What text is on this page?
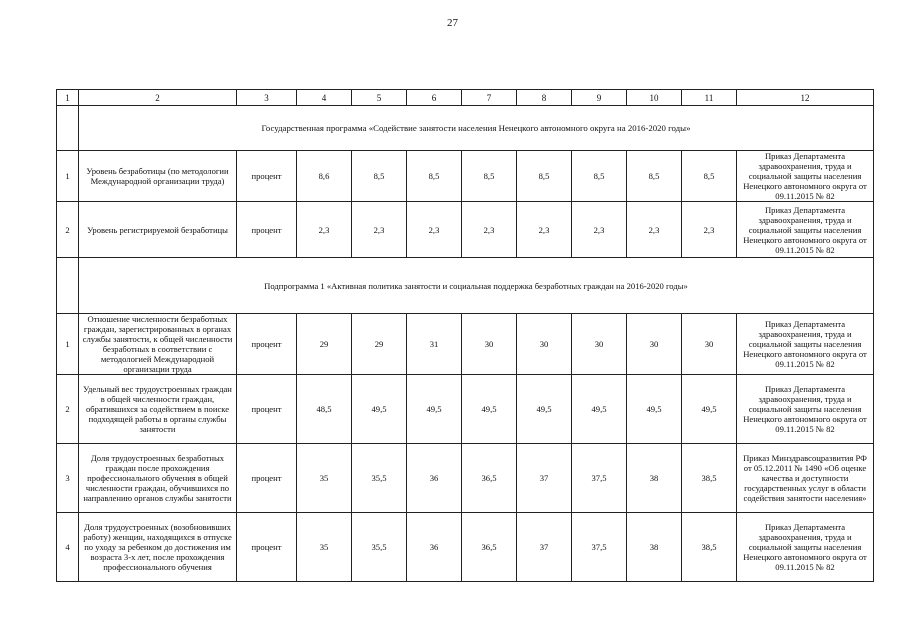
27
1	2	3	4	5	6	7	8	9	10	11	12
	Государственная программа «Содействие занятости населения Ненецкого автономного округа на 2016-2020 годы»										
1	Уровень безработицы (по методологии Международной организации труда)	процент	8,6	8,5	8,5	8,5	8,5	8,5	8,5	8,5	Приказ Департамента здравоохранения, труда и социальной защиты населения Ненецкого автономного округа от 09.11.2015 № 82
2	Уровень регистрируемой безработицы	процент	2,3	2,3	2,3	2,3	2,3	2,3	2,3	2,3	Приказ Департамента здравоохранения, труда и социальной защиты населения Ненецкого автономного округа от 09.11.2015 № 82
	Подпрограмма 1 «Активная политика занятости и социальная поддержка безработных граждан на 2016-2020 годы»										
1	Отношение численности безработных граждан, зарегистрированных в органах службы занятости, к общей численности безработных в соответствии с методологией Международной организации труда	процент	29	29	31	30	30	30	30	30	Приказ Департамента здравоохранения, труда и социальной защиты населения Ненецкого автономного округа от 09.11.2015 № 82
2	Удельный вес трудоустроенных граждан в общей численности граждан, обратившихся за содействием в поиске подходящей работы в органы службы занятости	процент	48,5	49,5	49,5	49,5	49,5	49,5	49,5	49,5	Приказ Департамента здравоохранения, труда и социальной защиты населения Ненецкого автономного округа от 09.11.2015 № 82
3	Доля трудоустроенных безработных граждан после прохождения профессионального обучения в общей численности граждан, обучившихся по направлению органов службы занятости	процент	35	35,5	36	36,5	37	37,5	38	38,5	Приказ Минздравсоцразвития РФ от 05.12.2011 № 1490 «Об оценке качества и доступности государственных услуг в области содействия занятости населения»
4	Доля трудоустроенных (возобновивших работу) женщин, находящихся в отпуске по уходу за ребенком до достижения им возраста 3-х лет, после прохождения профессионального обучения	процент	35	35,5	36	36,5	37	37,5	38	38,5	Приказ Департамента здравоохранения, труда и социальной защиты населения Ненецкого автономного округа от 09.11.2015 № 82
